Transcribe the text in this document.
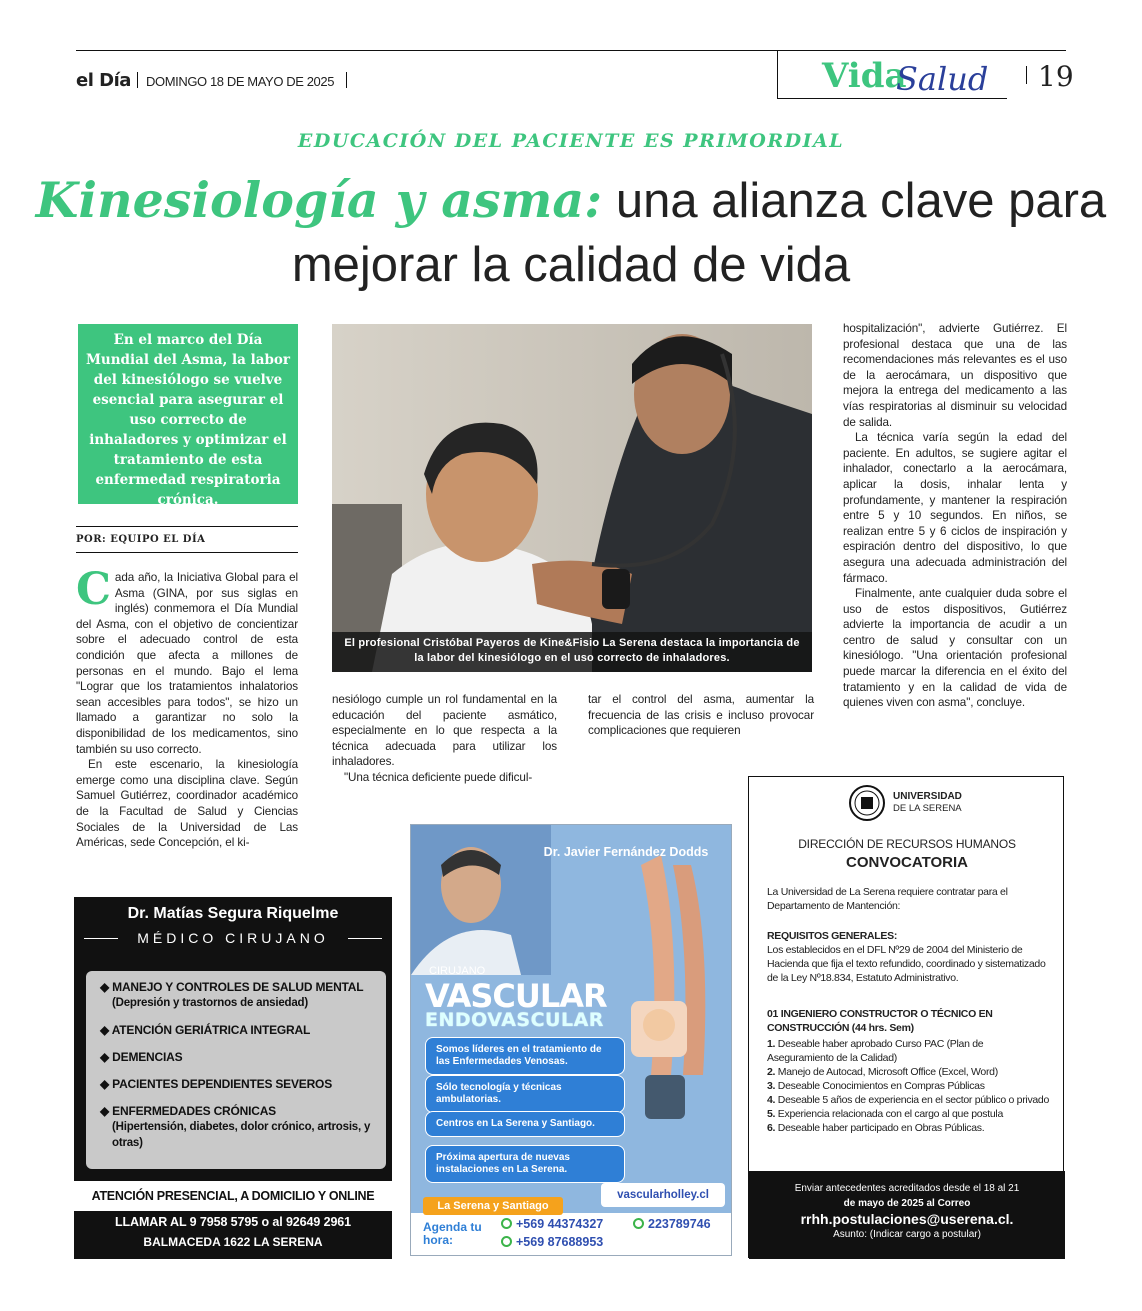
el Día DOMINGO 18 DE MAYO DE 2025	Vida
Salud 19
EDUCACIÓN DEL PACIENTE ES PRIMORDIAL
Kinesiología y asma: una alianza clave para mejorar la calidad de vida
En el marco del Día Mundial del Asma, la labor del kinesiólogo se vuelve esencial para asegurar el uso correcto de inhaladores y optimizar el tratamiento de esta enfermedad respiratoria crónica.
POR: EQUIPO EL DÍA
C ada año, la Iniciativa Global para el Asma (GINA, por sus siglas en inglés) conmemora el Día Mundial del Asma, con el objetivo de concientizar sobre el adecuado control de esta condición que afecta a millones de personas en el mundo. Bajo el lema "Lograr que los tratamientos inhalatorios sean accesibles para todos", se hizo un llamado a garantizar no solo la disponibilidad de los medicamentos, sino también su uso correcto.

En este escenario, la kinesiología emerge como una disciplina clave. Según Samuel Gutiérrez, coordinador académico de la Facultad de Salud y Ciencias Sociales de la Universidad de Las Américas, sede Concepción, el ki-

El profesional Cristóbal Payeros de Kine&Fisio La Serena destaca la importancia de la labor del kinesiólogo en el uso correcto de inhaladores.

nesiólogo cumple un rol fundamental en la educación del paciente asmático, especialmente en lo que respecta a la técnica adecuada para utilizar los inhaladores.

"Una técnica deficiente puede dificul-

tar el control del asma, aumentar la frecuencia de las crisis e incluso provocar complicaciones que requieren

hospitalización", advierte Gutiérrez. El profesional destaca que una de las recomendaciones más relevantes es el uso de la aerocámara, un dispositivo que mejora la entrega del medicamento a las vías respiratorias al disminuir su velocidad de salida.

La técnica varía según la edad del paciente. En adultos, se sugiere agitar el inhalador, conectarlo a la aerocámara, aplicar la dosis, inhalar lenta y profundamente, y mantener la respiración entre 5 y 10 segundos. En niños, se realizan entre 5 y 6 ciclos de inspiración y espiración dentro del dispositivo, lo que asegura una adecuada administración del fármaco.

Finalmente, ante cualquier duda sobre el uso de estos dispositivos, Gutiérrez advierte la importancia de acudir a un centro de salud y consultar con un kinesiólogo. "Una orientación profesional puede marcar la diferencia en el éxito del tratamiento y en la calidad de vida de quienes viven con asma", concluye.

Dr. Matías Segura Riquelme
MÉDICO CIRUJANO
◆ MANEJO Y CONTROLES DE SALUD MENTAL
(Depresión y trastornos de ansiedad)
◆ ATENCIÓN GERIÁTRICA INTEGRAL
◆ DEMENCIAS
◆ PACIENTES DEPENDIENTES SEVEROS
◆ ENFERMEDADES CRÓNICAS
(Hipertensión, diabetes, dolor crónico, artrosis, y otras)
ATENCIÓN PRESENCIAL, A DOMICILIO Y ONLINE
LLAMAR AL 9 7958 5795 o al 92649 2961
BALMACEDA 1622 LA SERENA
Dr. Javier Fernández Dodds
CIRUJANO
VASCULAR
ENDOVASCULAR
Somos líderes en el tratamiento de las Enfermedades Venosas.
Sólo tecnología y técnicas ambulatorias.
Centros en La Serena y Santiago.
Próxima apertura de nuevas instalaciones en La Serena.
vascularholley.cl
La Serena y Santiago
Agenda tu hora:
+569 44374327	223789746
+569 87688953
UNIVERSIDAD
DE LA SERENA
DIRECCIÓN DE RECURSOS HUMANOS
CONVOCATORIA
La Universidad de La Serena requiere contratar para el Departamento de Mantención:
REQUISITOS GENERALES:
Los establecidos en el DFL Nº29 de 2004 del Ministerio de Hacienda que fija el texto refundido, coordinado y sistematizado de la Ley Nº18.834, Estatuto Administrativo.
01 INGENIERO CONSTRUCTOR O TÉCNICO EN CONSTRUCCIÓN (44 hrs. Sem)
1. Deseable haber aprobado Curso PAC (Plan de Aseguramiento de la Calidad)
2. Manejo de Autocad, Microsoft Office (Excel, Word)
3. Deseable Conocimientos en Compras Públicas
4. Deseable 5 años de experiencia en el sector público o privado
5. Experiencia relacionada con el cargo al que postula
6. Deseable haber participado en Obras Públicas.
Enviar antecedentes acreditados desde el 18 al 21
de mayo de 2025 al Correo
rrhh.postulaciones@userena.cl.
Asunto: (Indicar cargo a postular)
